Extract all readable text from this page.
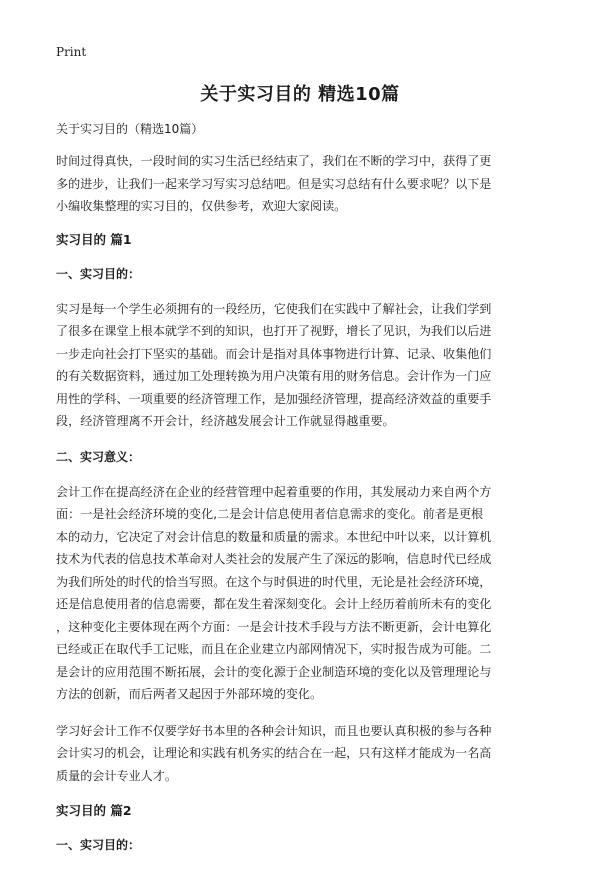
Print
关于实习目的 精选10篇
关于实习目的（精选10篇）
时间过得真快，一段时间的实习生活已经结束了，我们在不断的学习中，获得了更
多的进步，让我们一起来学习写实习总结吧。但是实习总结有什么要求呢？以下是
小编收集整理的实习目的，仅供参考，欢迎大家阅读。
实习目的 篇1
一、实习目的：
实习是每一个学生必须拥有的一段经历，它使我们在实践中了解社会，让我们学到
了很多在课堂上根本就学不到的知识，也打开了视野，增长了见识，为我们以后进
一步走向社会打下坚实的基础。而会计是指对具体事物进行计算、记录、收集他们
的有关数据资料，通过加工处理转换为用户决策有用的财务信息。会计作为一门应
用性的学科、一项重要的经济管理工作，是加强经济管理，提高经济效益的重要手
段，经济管理离不开会计，经济越发展会计工作就显得越重要。
二、实习意义：
会计工作在提高经济在企业的经营管理中起着重要的作用，其发展动力来自两个方
面：一是社会经济环境的变化,二是会计信息使用者信息需求的变化。前者是更根
本的动力，它决定了对会计信息的数量和质量的需求。本世纪中叶以来，以计算机
技术为代表的信息技术革命对人类社会的发展产生了深远的影响，信息时代已经成
为我们所处的时代的恰当写照。在这个与时俱进的时代里，无论是社会经济环境，
还是信息使用者的信息需要，都在发生着深刻变化。会计上经历着前所未有的变化
，这种变化主要体现在两个方面：一是会计技术手段与方法不断更新，会计电算化
已经或正在取代手工记账，而且在企业建立内部网情况下，实时报告成为可能。二
是会计的应用范围不断拓展，会计的变化源于企业制造环境的变化以及管理理论与
方法的创新，而后两者又起因于外部环境的变化。
学习好会计工作不仅要学好书本里的各种会计知识，而且也要认真积极的参与各种
会计实习的机会，让理论和实践有机务实的结合在一起，只有这样才能成为一名高
质量的会计专业人才。
实习目的 篇2
一、实习目的：
